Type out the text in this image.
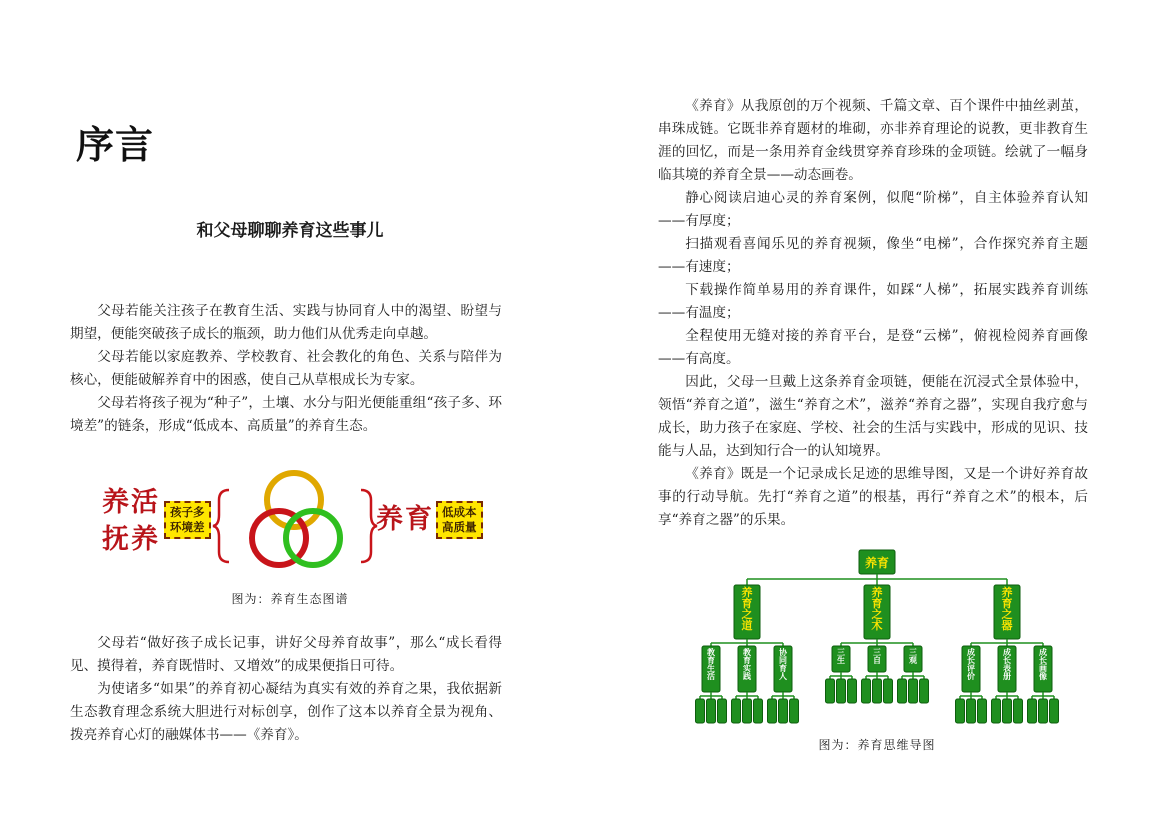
序言
和父母聊聊养育这些事儿

父母若能关注孩子在教育生活、实践与协同育人中的渴望、盼望与期望，便能突破孩子成长的瓶颈，助力他们从优秀走向卓越。

父母若能以家庭教养、学校教育、社会教化的角色、关系与陪伴为核心，便能破解养育中的困惑，使自己从草根成长为专家。

父母若将孩子视为“种子”，土壤、水分与阳光便能重组“孩子多、环境差”的链条，形成“低成本、高质量”的养育生态。

养活
抚养
孩子多
环境差	养育 低成本
高质量
图为：养育生态图谱

父母若“做好孩子成长记事，讲好父母养育故事”，那么“成长看得见、摸得着，养育既惜时、又增效”的成果便指日可待。

为使诸多“如果”的养育初心凝结为真实有效的养育之果，我依据新生态教育理念系统大胆进行对标创享，创作了这本以养育全景为视角、拨亮养育心灯的融媒体书——《养育》。

《养育》从我原创的万个视频、千篇文章、百个课件中抽丝剥茧，串珠成链。它既非养育题材的堆砌，亦非养育理论的说教，更非教育生涯的回忆，而是一条用养育金线贯穿养育珍珠的金项链。绘就了一幅身临其境的养育全景——动态画卷。

静心阅读启迪心灵的养育案例，似爬“阶梯”，自主体验养育认知——有厚度；

扫描观看喜闻乐见的养育视频，像坐“电梯”，合作探究养育主题——有速度；

下载操作简单易用的养育课件，如踩“人梯”，拓展实践养育训练——有温度；

全程使用无缝对接的养育平台，是登“云梯”，俯视检阅养育画像——有高度。

因此，父母一旦戴上这条养育金项链，便能在沉浸式全景体验中，领悟“养育之道”，滋生“养育之术”，滋养“养育之器”，实现自我疗愈与成长，助力孩子在家庭、学校、社会的生活与实践中，形成的见识、技能与人品，达到知行合一的认知境界。

《养育》既是一个记录成长足迹的思维导图，又是一个讲好养育故事的行动导航。先打“养育之道”的根基，再行“养育之术”的根本，后享“养育之器”的乐果。

养育
养
育
之
道
教
育
生
活
教
育
实
践
协
同
育
人
养
育
之
术
三
生
三
自
三
观
养
育
之
器
成
长
评
价
成
长
表
册
成
长
画
像
图为：养育思维导图
